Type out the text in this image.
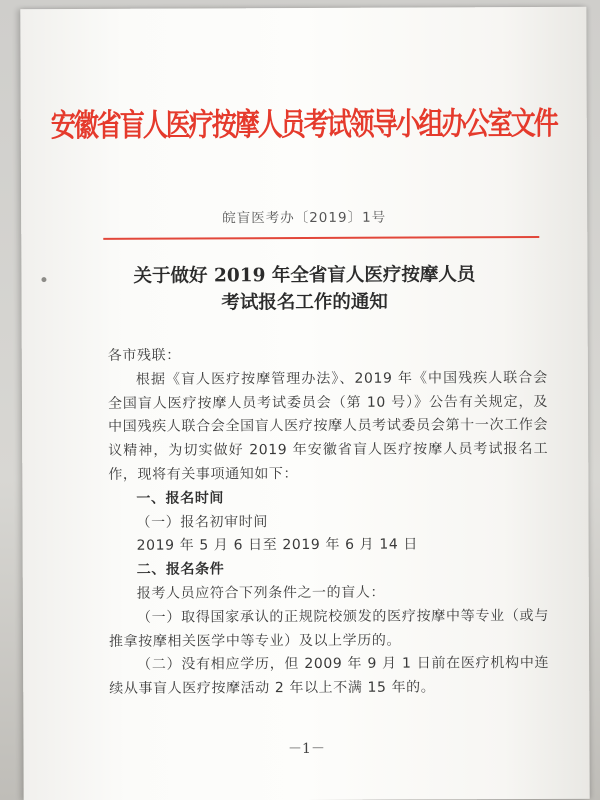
安徽省盲人医疗按摩人员考试领导小组办公室文件
皖盲医考办〔2019〕1号
关于做好 2019 年全省盲人医疗按摩人员
考试报名工作的通知

各市残联：

根据《盲人医疗按摩管理办法》、2019 年《中国残疾人联合会全国盲人医疗按摩人员考试委员会（第 10 号）》公告有关规定，及中国残疾人联合会全国盲人医疗按摩人员考试委员会第十一次工作会议精神，为切实做好 2019 年安徽省盲人医疗按摩人员考试报名工作，现将有关事项通知如下：

一、报名时间

（一）报名初审时间

2019 年 5 月 6 日至 2019 年 6 月 14 日

二、报名条件

报考人员应符合下列条件之一的盲人：

（一）取得国家承认的正规院校颁发的医疗按摩中等专业（或与推拿按摩相关医学中等专业）及以上学历的。

（二）没有相应学历，但 2009 年 9 月 1 日前在医疗机构中连续从事盲人医疗按摩活动 2 年以上不满 15 年的。

－1－
